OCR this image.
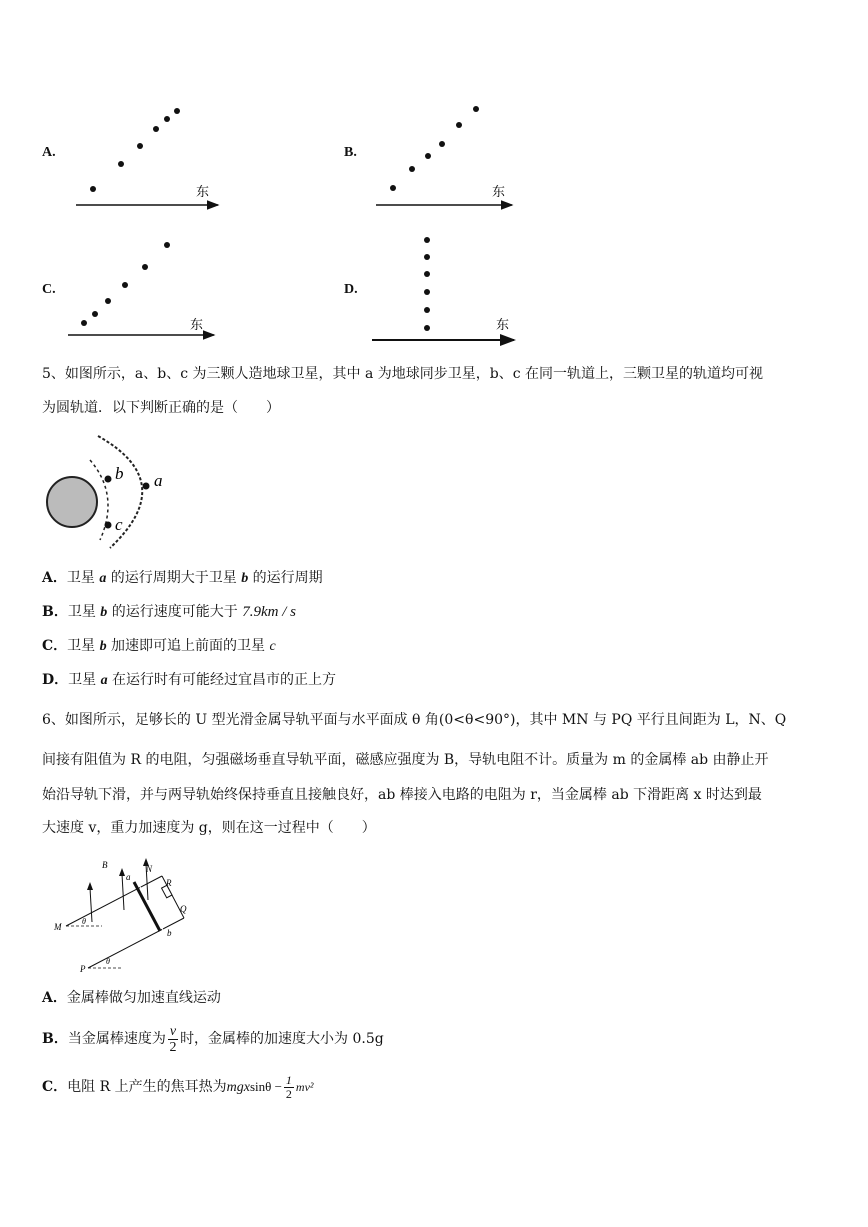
A.	B.
C.	D.
东	东
东	东
5、如图所示，a、b、c 为三颗人造地球卫星，其中 a 为地球同步卫星，b、c 在同一轨道上，三颗卫星的轨道均可视
为圆轨道．以下判断正确的是（　　）
b
c
a
A．卫星 a 的运行周期大于卫星 b 的运行周期
B．卫星 b 的运行速度可能大于 7.9km / s
C．卫星 b 加速即可追上前面的卫星 c
D．卫星 a 在运行时有可能经过宜昌市的正上方
6、如图所示，足够长的 U 型光滑金属导轨平面与水平面成 θ 角(0<θ<90°)，其中 MN 与 PQ 平行且间距为 L，N、Q
间接有阻值为 R 的电阻，匀强磁场垂直导轨平面，磁感应强度为 B，导轨电阻不计。质量为 m 的金属棒 ab 由静止开
始沿导轨下滑，并与两导轨始终保持垂直且接触良好，ab 棒接入电路的电阻为 r，当金属棒 ab 下滑距离 x 时达到最
大速度 v，重力加速度为 g，则在这一过程中（　　）
B
a
N
R
Q
b
M
P
θ
θ
A．金属棒做匀加速直线运动
B．当金属棒速度为 $\frac{v}{2}$ 时，金属棒的加速度大小为 0.5g
C．电阻 R 上产生的焦耳热为$mgxsin\theta - \frac{1}{2} mv^2$
